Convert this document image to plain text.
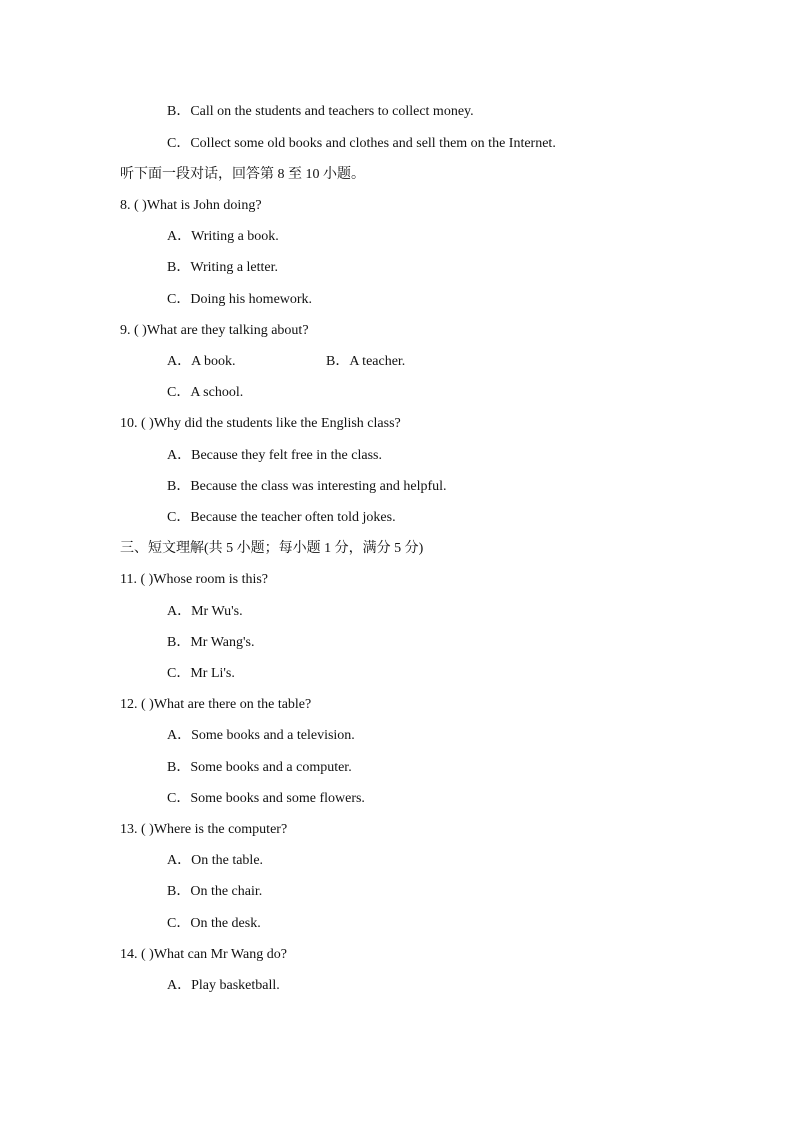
B．Call on the students and teachers to collect money.
C．Collect some old books and clothes and sell them on the Internet.
听下面一段对话，回答第 8 至 10 小题。
8. ( )What is John doing?
A．Writing a book.
B．Writing a letter.
C．Doing his homework.
9. ( )What are they talking about?
A．A book.	B．A teacher.
C．A school.
10. ( )Why did the students like the English class?
A．Because they felt free in the class.
B．Because the class was interesting and helpful.
C．Because the teacher often told jokes.
三、短文理解(共 5 小题；每小题 1 分，满分 5 分)
11. ( )Whose room is this?
A．Mr Wu's.
B．Mr Wang's.
C．Mr Li's.
12. ( )What are there on the table?
A．Some books and a television.
B．Some books and a computer.
C．Some books and some flowers.
13. ( )Where is the computer?
A．On the table.
B．On the chair.
C．On the desk.
14. ( )What can Mr Wang do?
A．Play basketball.
